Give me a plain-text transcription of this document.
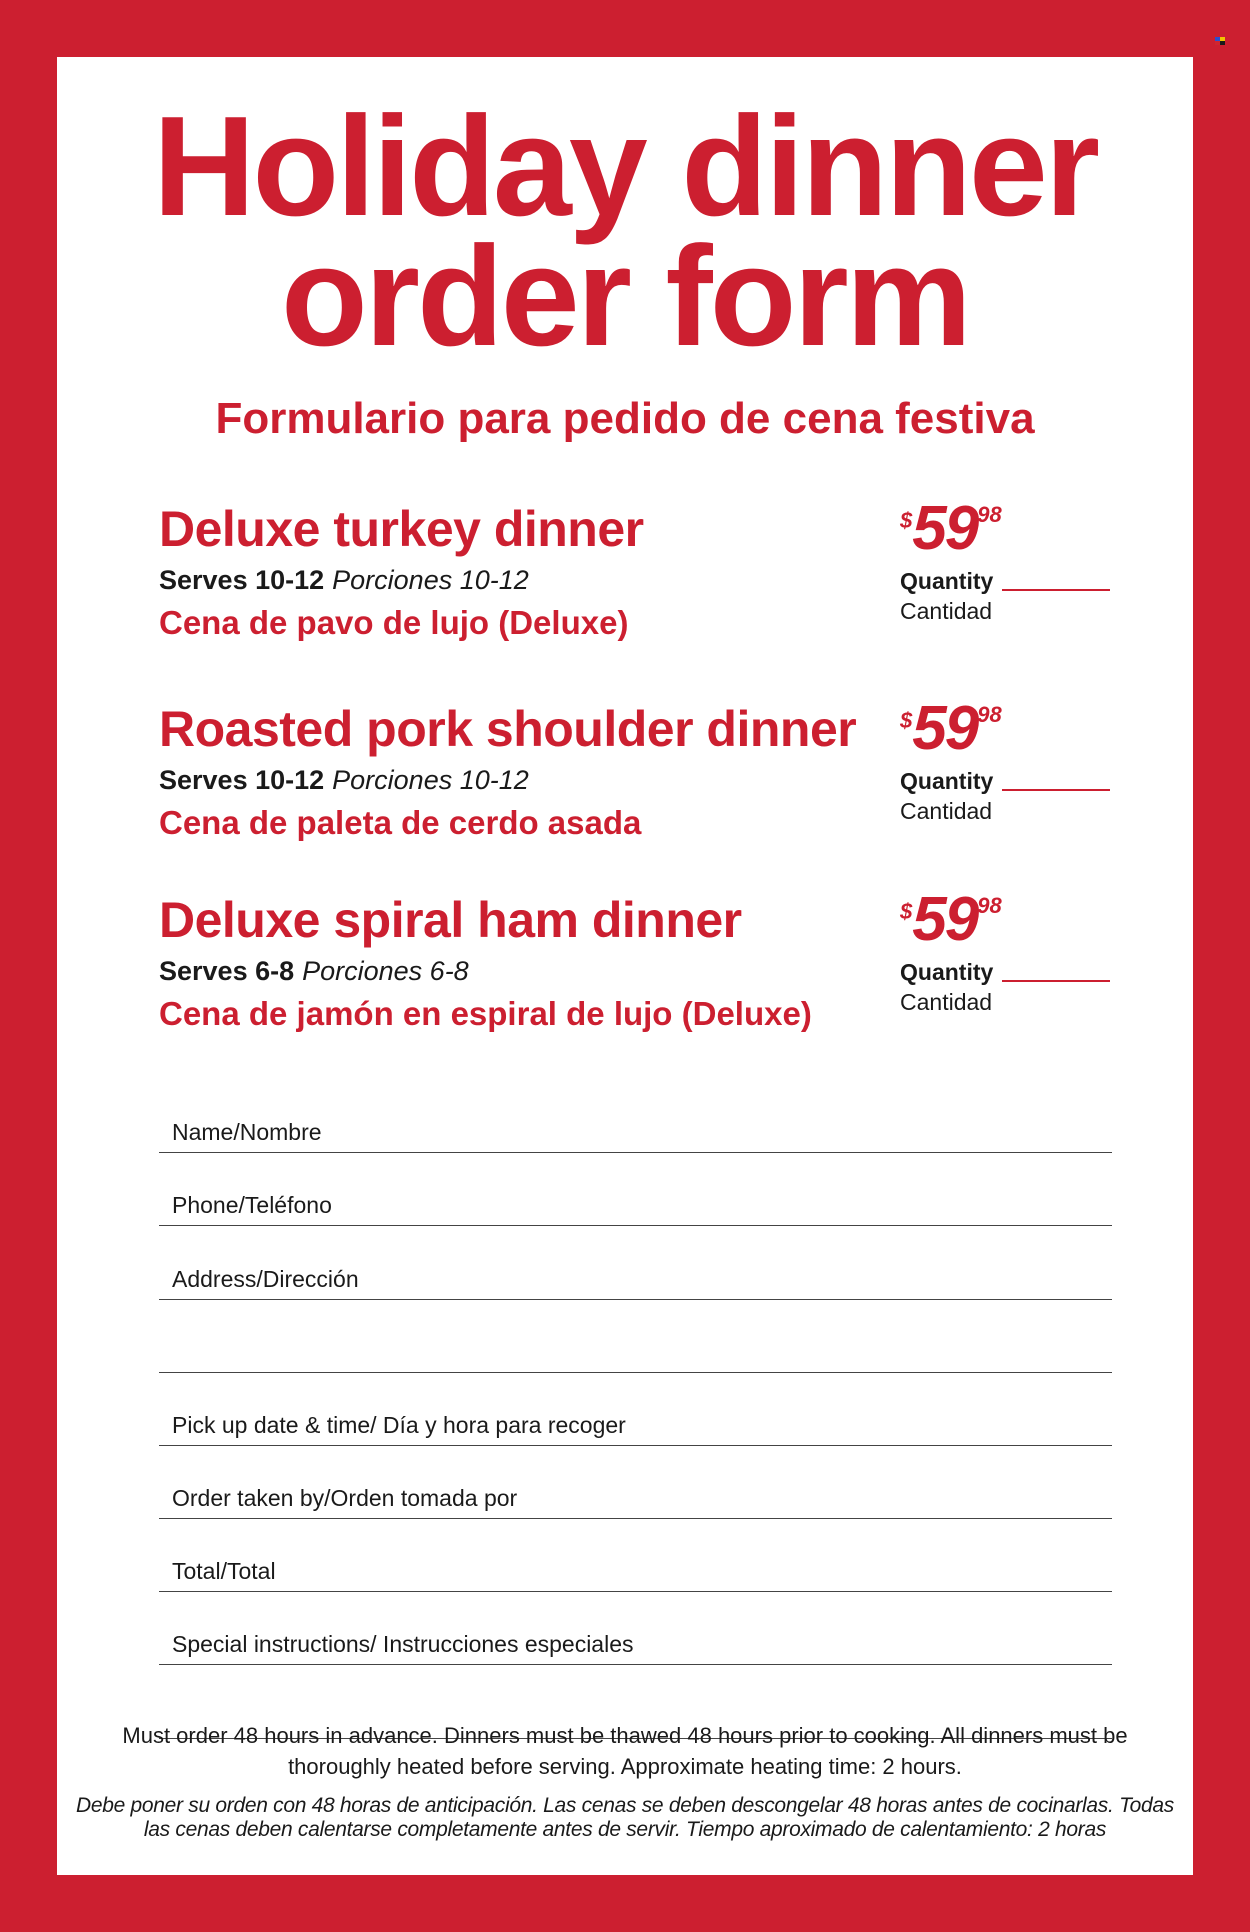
Holiday dinner
order form
Formulario para pedido de cena festiva
Deluxe turkey dinner
Serves 10-12 Porciones 10-12
Cena de pavo de lujo (Deluxe)
$5998
Quantity
Cantidad
Roasted pork shoulder dinner
Serves 10-12 Porciones 10-12
Cena de paleta de cerdo asada
$5998
Quantity
Cantidad
Deluxe spiral ham dinner
Serves 6-8 Porciones 6-8
Cena de jamón en espiral de lujo (Deluxe)
$5998
Quantity
Cantidad
Name/Nombre
Phone/Teléfono
Address/Dirección
Pick up date & time/ Día y hora para recoger
Order taken by/Orden tomada por
Total/Total
Special instructions/ Instrucciones especiales
Must order 48 hours in advance. Dinners must be thawed 48 hours prior to cooking. All dinners must be thoroughly heated before serving. Approximate heating time: 2 hours.
Debe poner su orden con 48 horas de anticipación. Las cenas se deben descongelar 48 horas antes de cocinarlas. Todas las cenas deben calentarse completamente antes de servir. Tiempo aproximado de calentamiento: 2 horas
